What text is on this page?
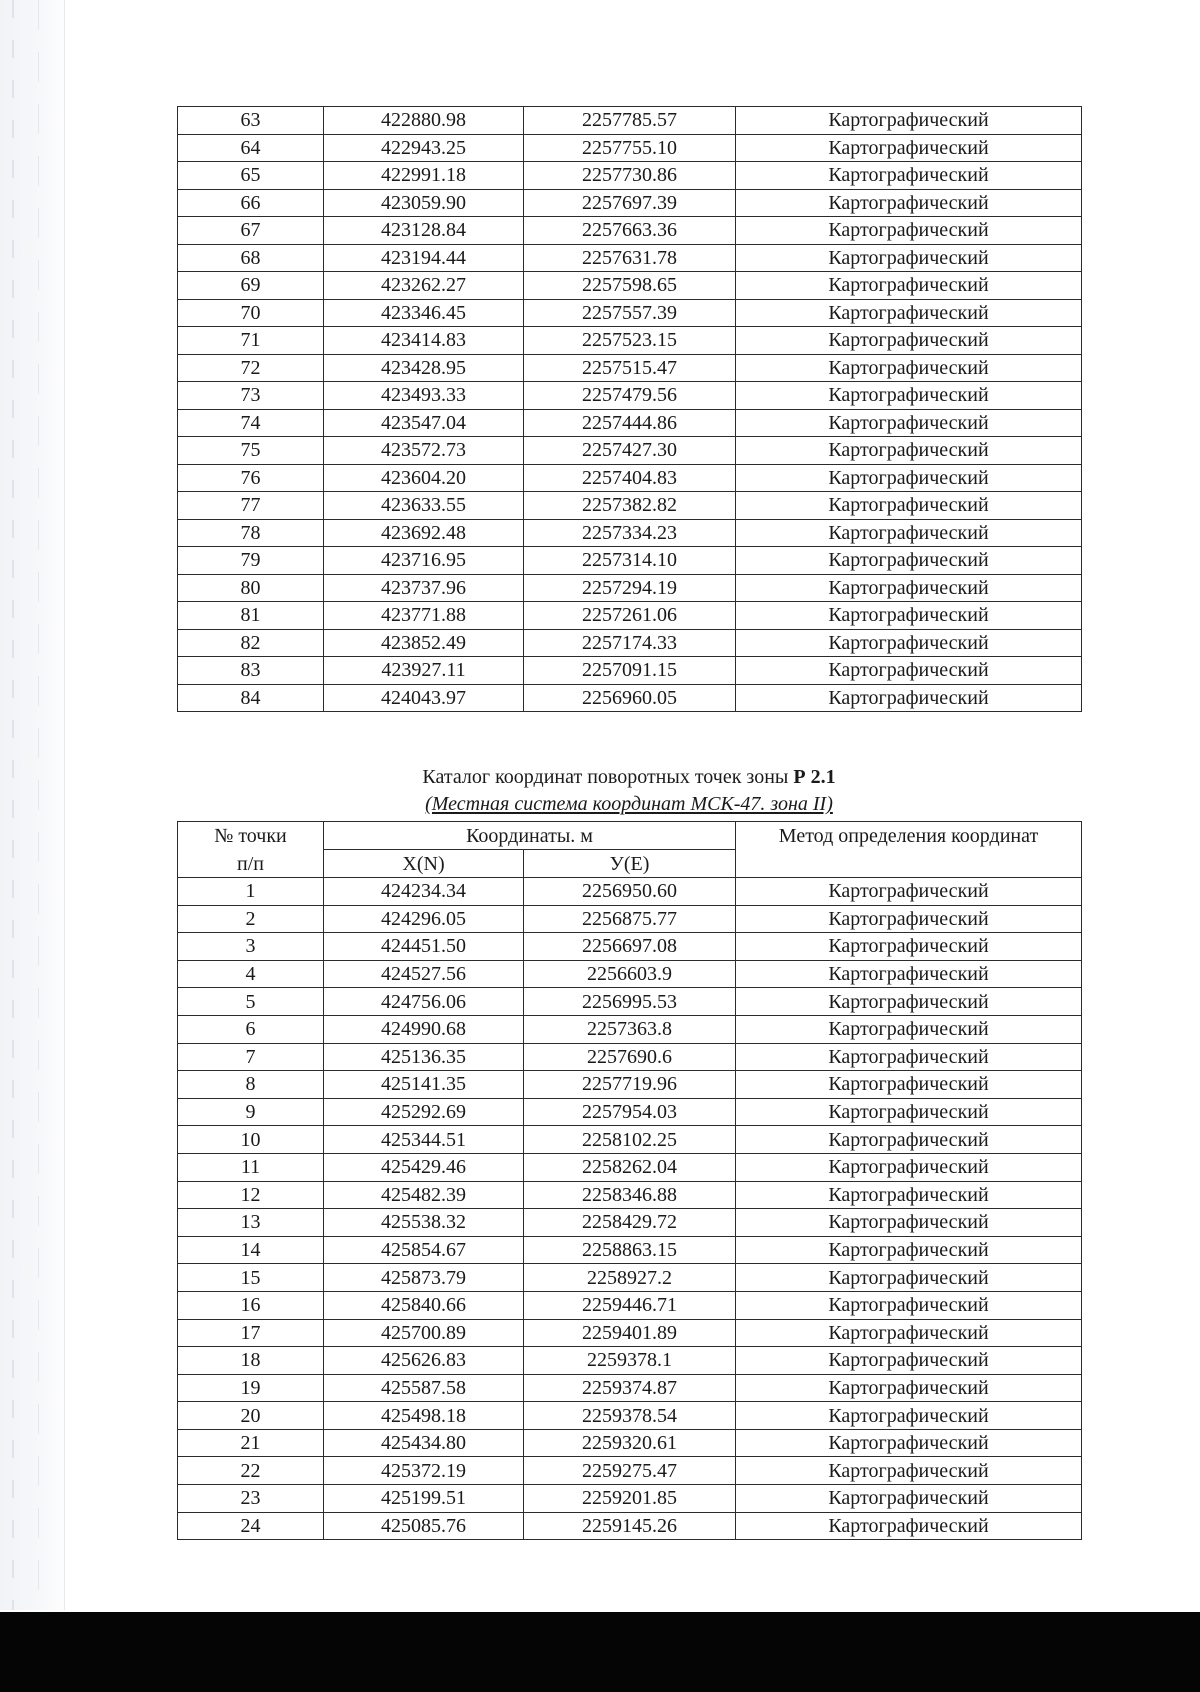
63	422880.98	2257785.57	Картографический
64	422943.25	2257755.10	Картографический
65	422991.18	2257730.86	Картографический
66	423059.90	2257697.39	Картографический
67	423128.84	2257663.36	Картографический
68	423194.44	2257631.78	Картографический
69	423262.27	2257598.65	Картографический
70	423346.45	2257557.39	Картографический
71	423414.83	2257523.15	Картографический
72	423428.95	2257515.47	Картографический
73	423493.33	2257479.56	Картографический
74	423547.04	2257444.86	Картографический
75	423572.73	2257427.30	Картографический
76	423604.20	2257404.83	Картографический
77	423633.55	2257382.82	Картографический
78	423692.48	2257334.23	Картографический
79	423716.95	2257314.10	Картографический
80	423737.96	2257294.19	Картографический
81	423771.88	2257261.06	Картографический
82	423852.49	2257174.33	Картографический
83	423927.11	2257091.15	Картографический
84	424043.97	2256960.05	Картографический
Каталог координат поворотных точек зоны Р 2.1
(Местная система координат МСК-47. зона II)
№ точки
п/п	Координаты. м		Метод определения координат
	X(N)	У(E)	
1	424234.34	2256950.60	Картографический
2	424296.05	2256875.77	Картографический
3	424451.50	2256697.08	Картографический
4	424527.56	2256603.9	Картографический
5	424756.06	2256995.53	Картографический
6	424990.68	2257363.8	Картографический
7	425136.35	2257690.6	Картографический
8	425141.35	2257719.96	Картографический
9	425292.69	2257954.03	Картографический
10	425344.51	2258102.25	Картографический
11	425429.46	2258262.04	Картографический
12	425482.39	2258346.88	Картографический
13	425538.32	2258429.72	Картографический
14	425854.67	2258863.15	Картографический
15	425873.79	2258927.2	Картографический
16	425840.66	2259446.71	Картографический
17	425700.89	2259401.89	Картографический
18	425626.83	2259378.1	Картографический
19	425587.58	2259374.87	Картографический
20	425498.18	2259378.54	Картографический
21	425434.80	2259320.61	Картографический
22	425372.19	2259275.47	Картографический
23	425199.51	2259201.85	Картографический
24	425085.76	2259145.26	Картографический
